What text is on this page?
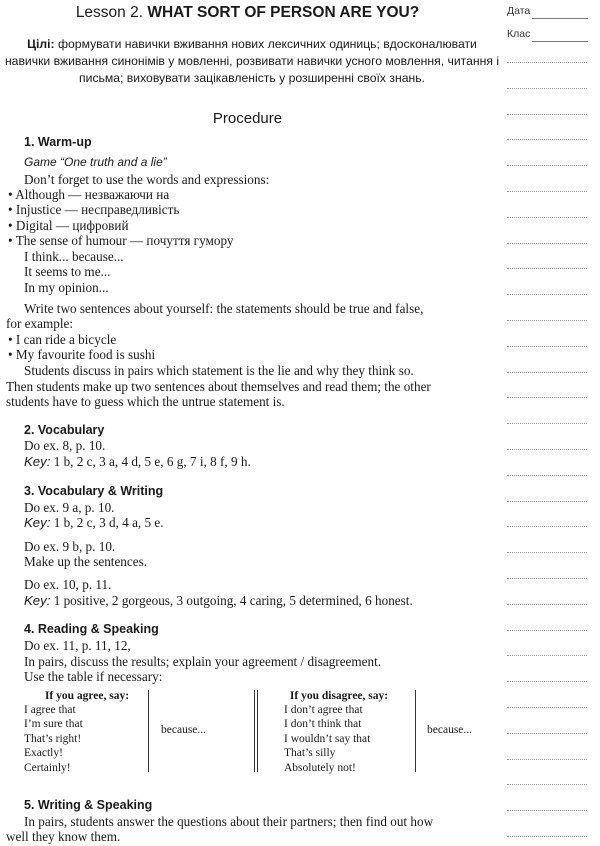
Lesson 2. WHAT SORT OF PERSON ARE YOU?	Дата
Клас
Цілі: формувати навички вживання нових лексичних одиниць; вдосконалювати навички вживання синонімів у мовленні, розвивати навички усного мовлення, читання і письма; виховувати зацікавленість у розширенні своїх знань.
Procedure
1. Warm-up
Game “One truth and a lie”
Don’t forget to use the words and expressions:
• Although — незважаючи на
• Injustice — несправедливість
• Digital — цифровий
• The sense of humour — почуття гумору
I think... because...
It seems to me...
In my opinion...
Write two sentences about yourself: the statements should be true and false,
for example:
• I can ride a bicycle
• My favourite food is sushi
Students discuss in pairs which statement is the lie and why they think so.
Then students make up two sentences about themselves and read them; the other
students have to guess which the untrue statement is.
2. Vocabulary
Do ex. 8, p. 10.
Key: 1 b, 2 c, 3 a, 4 d, 5 e, 6 g, 7 i, 8 f, 9 h.
3. Vocabulary & Writing
Do ex. 9 a, p. 10.
Key: 1 b, 2 c, 3 d, 4 a, 5 e.
Do ex. 9 b, p. 10.
Make up the sentences.
Do ex. 10, p. 11.
Key: 1 positive, 2 gorgeous, 3 outgoing, 4 caring, 5 determined, 6 honest.
4. Reading & Speaking
Do ex. 11, p. 11, 12,
In pairs, discuss the results; explain your agreement / disagreement.
Use the table if necessary:
If you agree, say:
I agree that
I’m sure that
That’s right!
Exactly!
Certainly!
because...
If you disagree, say:
I don’t agree that
I don’t think that
I wouldn’t say that
That’s silly
Absolutely not!
because...
5. Writing & Speaking
In pairs, students answer the questions about their partners; then find out how
well they know them.
